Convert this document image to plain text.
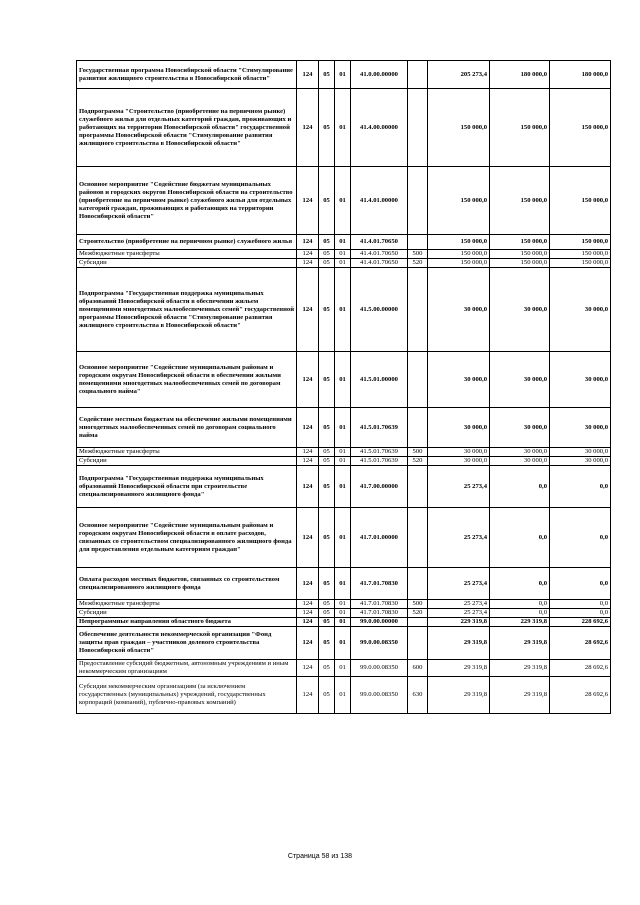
Государственная программа Новосибирской области "Стимулирование развития жилищного строительства в Новосибирской области"	124	05	01	41.0.00.00000		205 273,4	180 000,0	180 000,0
Подпрограмма "Строительство (приобретение на первичном рынке) служебного жилья для отдельных категорий граждан, проживающих и работающих на территории Новосибирской области" государственной программы Новосибирской области "Стимулирование развития жилищного строительства в Новосибирской области"	124	05	01	41.4.00.00000		150 000,0	150 000,0	150 000,0
Основное мероприятие "Содействие бюджетам муниципальных районов и городских округов Новосибирской области на строительство (приобретение на первичном рынке) служебного жилья для отдельных категорий граждан, проживающих и работающих на территории Новосибирской области"	124	05	01	41.4.01.00000		150 000,0	150 000,0	150 000,0
Строительство (приобретение на первичном рынке) служебного жилья	124	05	01	41.4.01.70650		150 000,0	150 000,0	150 000,0
Межбюджетные трансферты	124	05	01	41.4.01.70650	500	150 000,0	150 000,0	150 000,0
Субсидии	124	05	01	41.4.01.70650	520	150 000,0	150 000,0	150 000,0
Подпрограмма "Государственная поддержка муниципальных образований Новосибирской области в обеспечении жильем помещениями многодетных малообеспеченных семей" государственной программы Новосибирской области "Стимулирование развития жилищного строительства в Новосибирской области"	124	05	01	41.5.00.00000		30 000,0	30 000,0	30 000,0
Основное мероприятие "Содействие муниципальным районам и городским округам Новосибирской области в обеспечении жилыми помещениями многодетных малообеспеченных семей по договорам социального найма"	124	05	01	41.5.01.00000		30 000,0	30 000,0	30 000,0
Содействие местным бюджетам на обеспечение жилыми помещениями многодетных малообеспеченных семей по договорам социального найма	124	05	01	41.5.01.70639		30 000,0	30 000,0	30 000,0
Межбюджетные трансферты	124	05	01	41.5.01.70639	500	30 000,0	30 000,0	30 000,0
Субсидии	124	05	01	41.5.01.70639	520	30 000,0	30 000,0	30 000,0
Подпрограмма "Государственная поддержка муниципальных образований Новосибирской области при строительстве специализированного жилищного фонда"	124	05	01	41.7.00.00000		25 273,4	0,0	0,0
Основное мероприятие "Содействие муниципальным районам и городским округам Новосибирской области в оплате расходов, связанных со строительством специализированного жилищного фонда для предоставления отдельным категориям граждан"	124	05	01	41.7.01.00000		25 273,4	0,0	0,0
Оплата расходов местных бюджетов, связанных со строительством специализированного жилищного фонда	124	05	01	41.7.01.70830		25 273,4	0,0	0,0
Межбюджетные трансферты	124	05	01	41.7.01.70830	500	25 273,4	0,0	0,0
Субсидии	124	05	01	41.7.01.70830	520	25 273,4	0,0	0,0
Непрограммные направления областного бюджета	124	05	01	99.0.00.00000		229 319,8	229 319,8	228 692,6
Обеспечение деятельности некоммерческой организации "Фонд защиты прав граждан – участников долевого строительства Новосибирской области"	124	05	01	99.0.00.08350		29 319,8	29 319,8	28 692,6
Предоставление субсидий бюджетным, автономным учреждениям и иным некоммерческим организациям	124	05	01	99.0.00.08350	600	29 319,8	29 319,8	28 692,6
Субсидии некоммерческим организациям (за исключением государственных (муниципальных) учреждений, государственных корпораций (компаний), публично-правовых компаний)	124	05	01	99.0.00.08350	630	29 319,8	29 319,8	28 692,6
Страница 58 из 138
